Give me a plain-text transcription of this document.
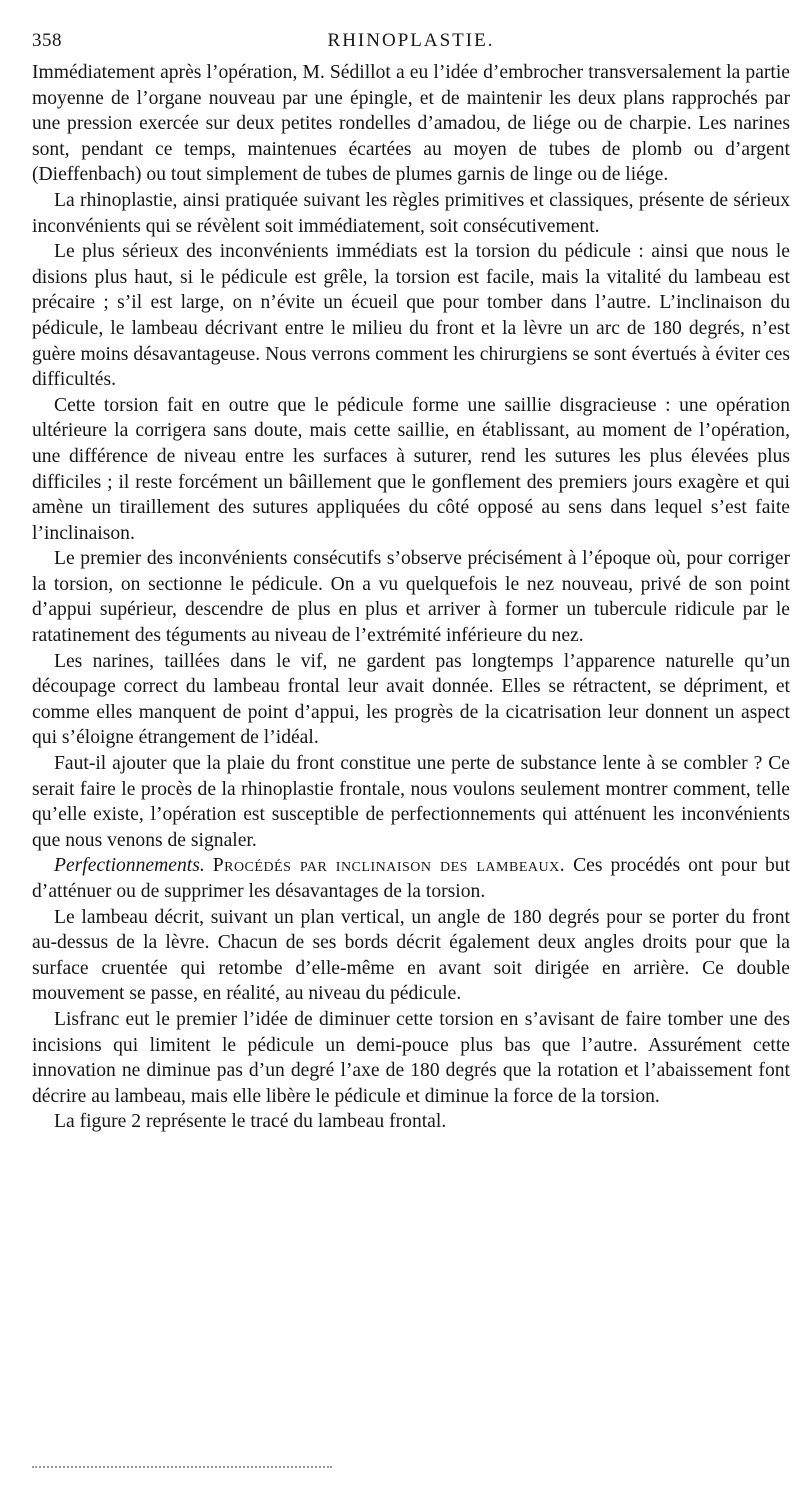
358	RHINOPLASTIE.

Immédiatement après l’opération, M. Sédillot a eu l’idée d’embrocher transversalement la partie moyenne de l’organe nouveau par une épingle, et de maintenir les deux plans rapprochés par une pression exercée sur deux petites rondelles d’amadou, de liége ou de charpie. Les narines sont, pendant ce temps, maintenues écartées au moyen de tubes de plomb ou d’argent (Dieffenbach) ou tout simplement de tubes de plumes garnis de linge ou de liége.

La rhinoplastie, ainsi pratiquée suivant les règles primitives et classiques, présente de sérieux inconvénients qui se révèlent soit immédiatement, soit consécutivement.

Le plus sérieux des inconvénients immédiats est la torsion du pédicule : ainsi que nous le disions plus haut, si le pédicule est grêle, la torsion est facile, mais la vitalité du lambeau est précaire ; s’il est large, on n’évite un écueil que pour tomber dans l’autre. L’inclinaison du pédicule, le lambeau décrivant entre le milieu du front et la lèvre un arc de 180 degrés, n’est guère moins désavantageuse. Nous verrons comment les chirurgiens se sont évertués à éviter ces difficultés.

Cette torsion fait en outre que le pédicule forme une saillie disgracieuse : une opération ultérieure la corrigera sans doute, mais cette saillie, en établissant, au moment de l’opération, une différence de niveau entre les surfaces à suturer, rend les sutures les plus élevées plus difficiles ; il reste forcément un bâillement que le gonflement des premiers jours exagère et qui amène un tiraillement des sutures appliquées du côté opposé au sens dans lequel s’est faite l’inclinaison.

Le premier des inconvénients consécutifs s’observe précisément à l’époque où, pour corriger la torsion, on sectionne le pédicule. On a vu quelquefois le nez nouveau, privé de son point d’appui supérieur, descendre de plus en plus et arriver à former un tubercule ridicule par le ratatinement des téguments au niveau de l’extrémité inférieure du nez.

Les narines, taillées dans le vif, ne gardent pas longtemps l’apparence naturelle qu’un découpage correct du lambeau frontal leur avait donnée. Elles se rétractent, se dépriment, et comme elles manquent de point d’appui, les progrès de la cicatrisation leur donnent un aspect qui s’éloigne étrangement de l’idéal.

Faut-il ajouter que la plaie du front constitue une perte de substance lente à se combler ? Ce serait faire le procès de la rhinoplastie frontale, nous voulons seulement montrer comment, telle qu’elle existe, l’opération est susceptible de perfectionnements qui atténuent les inconvénients que nous venons de signaler.

Perfectionnements. Procédés par inclinaison des lambeaux. Ces procédés ont pour but d’atténuer ou de supprimer les désavantages de la torsion.

Le lambeau décrit, suivant un plan vertical, un angle de 180 degrés pour se porter du front au-dessus de la lèvre. Chacun de ses bords décrit également deux angles droits pour que la surface cruentée qui retombe d’elle-même en avant soit dirigée en arrière. Ce double mouvement se passe, en réalité, au niveau du pédicule.

Lisfranc eut le premier l’idée de diminuer cette torsion en s’avisant de faire tomber une des incisions qui limitent le pédicule un demi-pouce plus bas que l’autre. Assurément cette innovation ne diminue pas d’un degré l’axe de 180 degrés que la rotation et l’abaissement font décrire au lambeau, mais elle libère le pédicule et diminue la force de la torsion.

La figure 2 représente le tracé du lambeau frontal.
